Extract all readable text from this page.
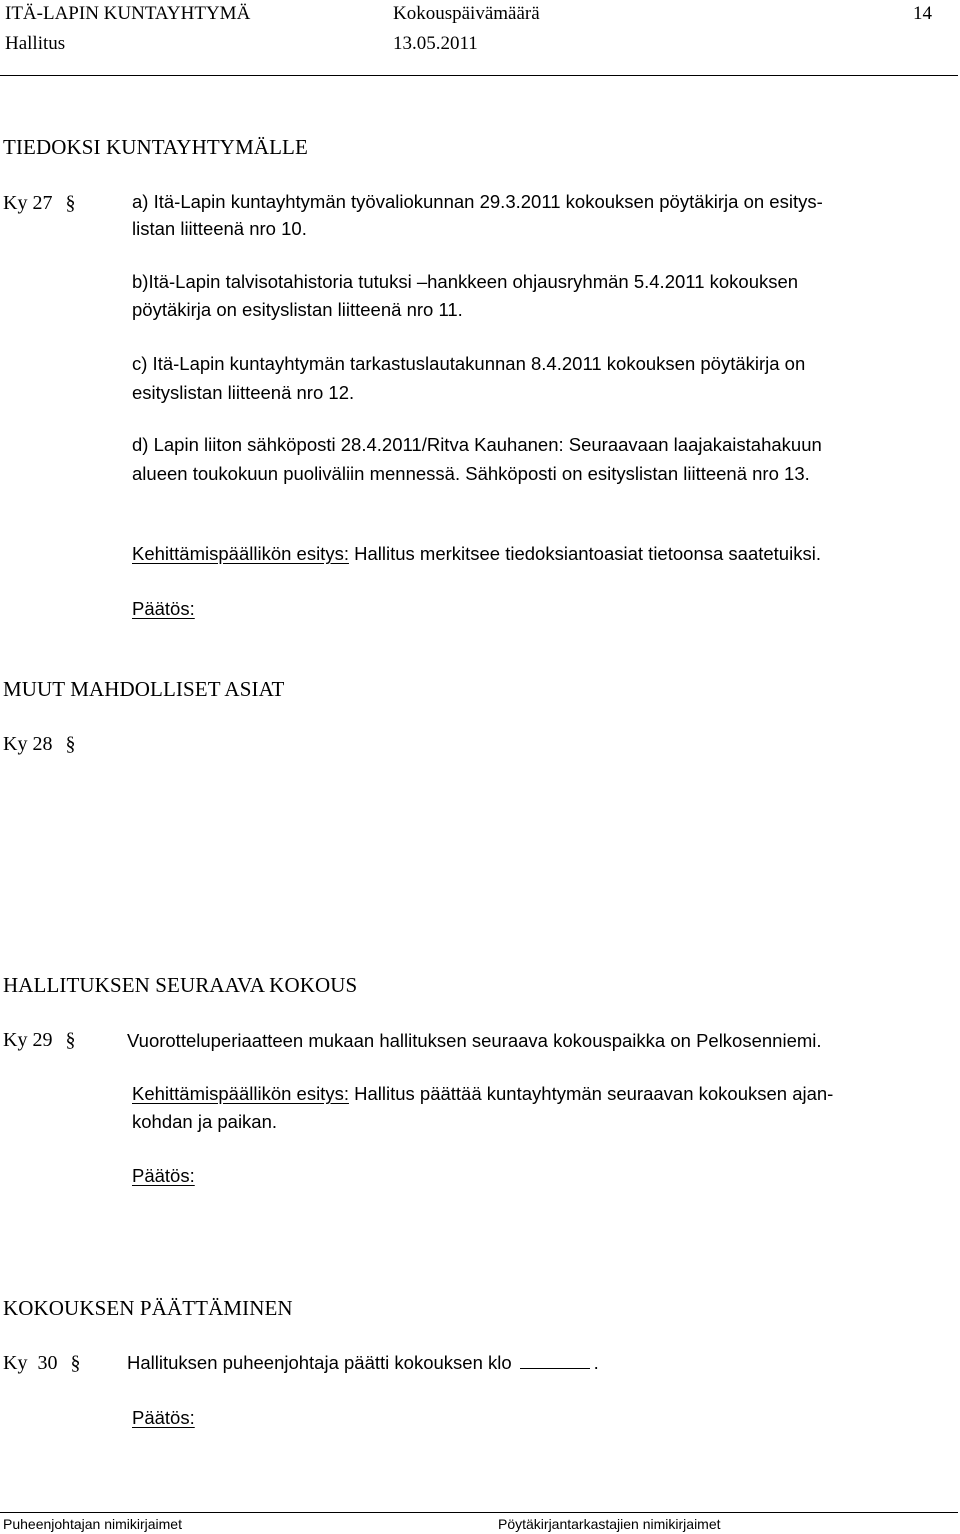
ITÄ-LAPIN KUNTAYHTYMÄ	Kokouspäivämäärä	14
Hallitus	13.05.2011
TIEDOKSI KUNTAYHTYMÄLLE
Ky 27 §	a) Itä-Lapin kuntayhtymän työvaliokunnan 29.3.2011 kokouksen pöytäkirja on esitys-
listan liitteenä nro 10.
b)Itä-Lapin talvisotahistoria tutuksi –hankkeen ohjausryhmän 5.4.2011 kokouksen
pöytäkirja on esityslistan liitteenä nro 11.
c) Itä-Lapin kuntayhtymän tarkastuslautakunnan 8.4.2011 kokouksen pöytäkirja on
esityslistan liitteenä nro 12.
d) Lapin liiton sähköposti 28.4.2011/Ritva Kauhanen: Seuraavaan laajakaistahakuun
alueen toukokuun puoliväliin mennessä. Sähköposti on esityslistan liitteenä nro 13.
Kehittämispäällikön esitys: Hallitus merkitsee tiedoksiantoasiat tietoonsa saatetuiksi.
Päätös:
MUUT MAHDOLLISET ASIAT
Ky 28 §
HALLITUKSEN SEURAAVA KOKOUS
Ky 29 §	Vuorotteluperiaatteen mukaan hallituksen seuraava kokouspaikka on Pelkosenniemi.
Kehittämispäällikön esitys: Hallitus päättää kuntayhtymän seuraavan kokouksen ajan-
kohdan ja paikan.
Päätös:
KOKOUKSEN PÄÄTTÄMINEN
Ky  30 §	Hallituksen puheenjohtaja päätti kokouksen klo	.
Päätös:
Puheenjohtajan nimikirjaimet	Pöytäkirjantarkastajien nimikirjaimet
